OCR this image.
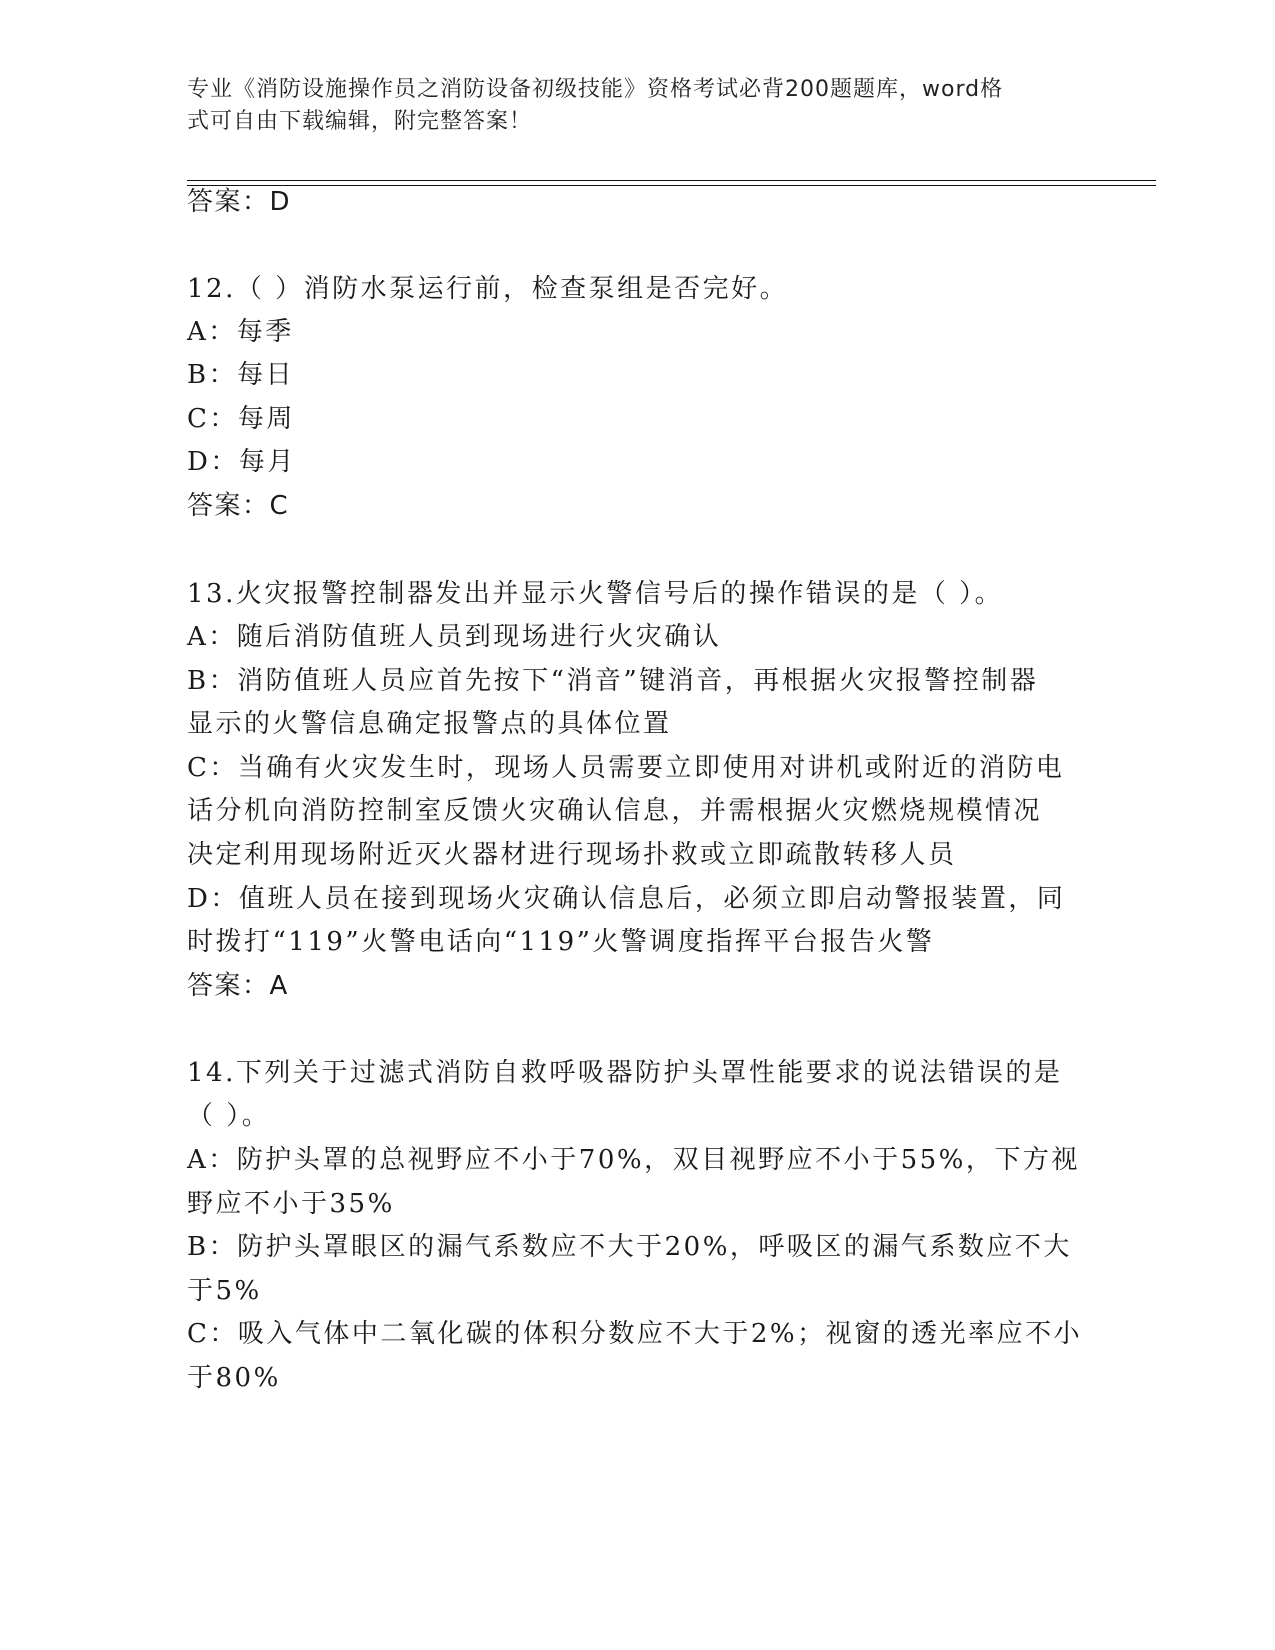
专业《消防设施操作员之消防设备初级技能》资格考试必背200题题库，word格
式可自由下载编辑，附完整答案！
答案：D
12.（ ）消防水泵运行前，检查泵组是否完好。
A：每季
B：每日
C：每周
D：每月
答案：C
13.火灾报警控制器发出并显示火警信号后的操作错误的是（ ）。
A：随后消防值班人员到现场进行火灾确认
B：消防值班人员应首先按下“消音”键消音，再根据火灾报警控制器
显示的火警信息确定报警点的具体位置
C：当确有火灾发生时，现场人员需要立即使用对讲机或附近的消防电
话分机向消防控制室反馈火灾确认信息，并需根据火灾燃烧规模情况
决定利用现场附近灭火器材进行现场扑救或立即疏散转移人员
D：值班人员在接到现场火灾确认信息后，必须立即启动警报装置，同
时拨打“119”火警电话向“119”火警调度指挥平台报告火警
答案：A
14.下列关于过滤式消防自救呼吸器防护头罩性能要求的说法错误的是
（ ）。
A：防护头罩的总视野应不小于70%，双目视野应不小于55%，下方视
野应不小于35%
B：防护头罩眼区的漏气系数应不大于20%，呼吸区的漏气系数应不大
于5%
C：吸入气体中二氧化碳的体积分数应不大于2%；视窗的透光率应不小
于80%
